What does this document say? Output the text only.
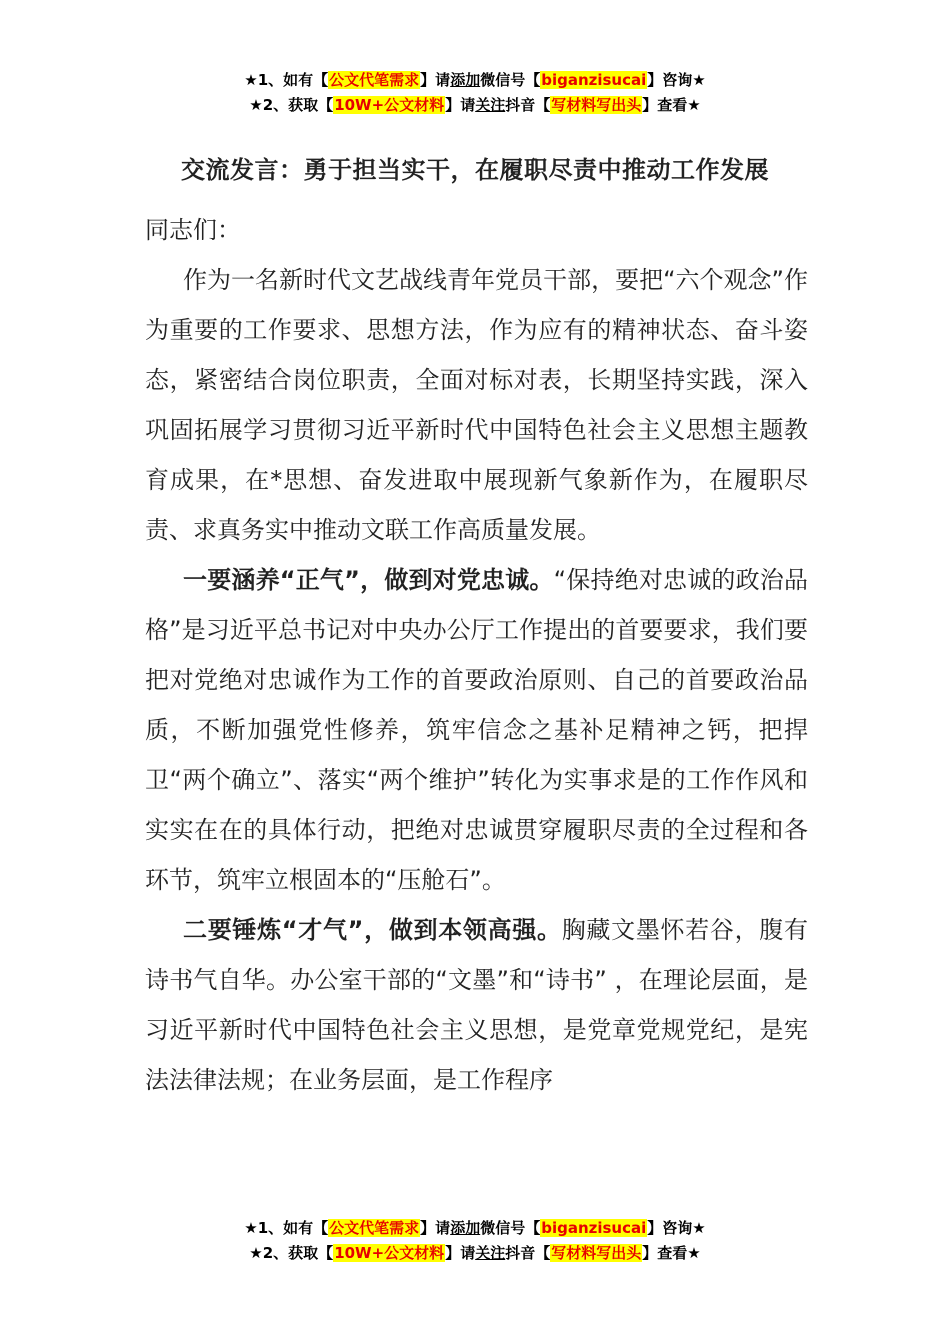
★1、如有【公文代笔需求】请添加微信号【biganzisucai】咨询★
★2、获取【10W+公文材料】请关注抖音【写材料写出头】查看★
交流发言：勇于担当实干，在履职尽责中推动工作发展

同志们：

作为一名新时代文艺战线青年党员干部，要把“六个观念”作为重要的工作要求、思想方法，作为应有的精神状态、奋斗姿态，紧密结合岗位职责，全面对标对表，长期坚持实践，深入巩固拓展学习贯彻习近平新时代中国特色社会主义思想主题教育成果，在*思想、奋发进取中展现新气象新作为，在履职尽责、求真务实中推动文联工作高质量发展。

一要涵养“正气”，做到对党忠诚。“保持绝对忠诚的政治品格”是习近平总书记对中央办公厅工作提出的首要要求，我们要把对党绝对忠诚作为工作的首要政治原则、自己的首要政治品质，不断加强党性修养，筑牢信念之基补足精神之钙，把捍卫“两个确立”、落实“两个维护”转化为实事求是的工作作风和实实在在的具体行动，把绝对忠诚贯穿履职尽责的全过程和各环节，筑牢立根固本的“压舱石”。

二要锤炼“才气”，做到本领高强。胸藏文墨怀若谷，腹有诗书气自华。办公室干部的“文墨”和“诗书” ，在理论层面，是习近平新时代中国特色社会主义思想，是党章党规党纪，是宪法法律法规；在业务层面，是工作程序

★1、如有【公文代笔需求】请添加微信号【biganzisucai】咨询★
★2、获取【10W+公文材料】请关注抖音【写材料写出头】查看★
